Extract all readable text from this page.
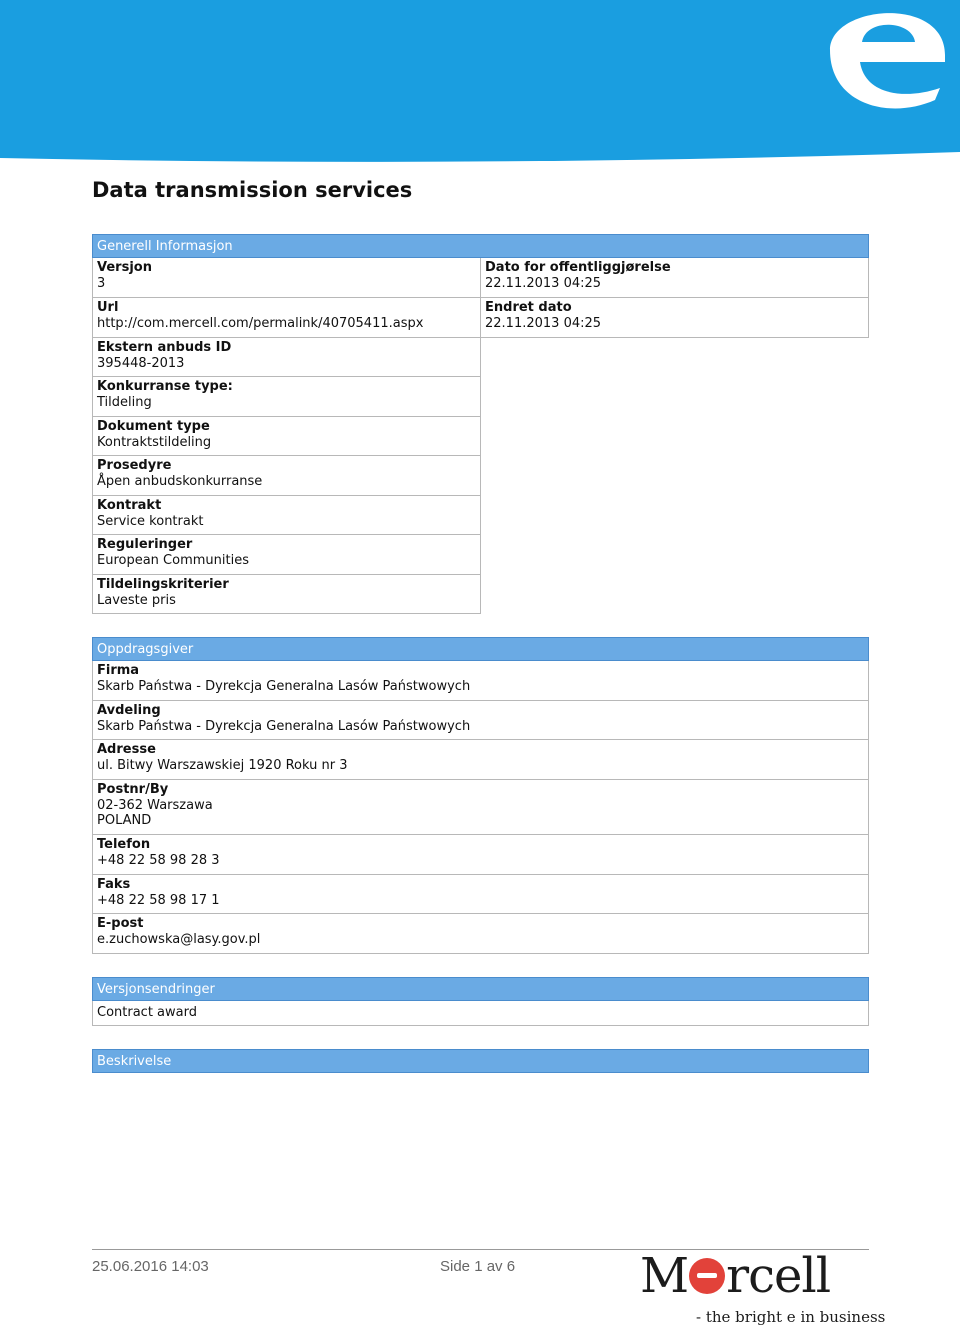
Data transmission services
Generell Informasjon
Versjon
3
Url
http://com.mercell.com/permalink/40705411.aspx
Ekstern anbuds ID
395448-2013
Konkurranse type:
Tildeling
Dokument type
Kontraktstildeling
Prosedyre
Åpen anbudskonkurranse
Kontrakt
Service kontrakt
Reguleringer
European Communities
Tildelingskriterier
Laveste pris
Dato for offentliggjørelse
22.11.2013 04:25
Endret dato
22.11.2013 04:25
Oppdragsgiver
Firma
Skarb Państwa - Dyrekcja Generalna Lasów Państwowych
Avdeling
Skarb Państwa - Dyrekcja Generalna Lasów Państwowych
Adresse
ul. Bitwy Warszawskiej 1920 Roku nr 3
Postnr/By
02-362 Warszawa
POLAND
Telefon
+48 22 58 98 28 3
Faks
+48 22 58 98 17 1
E-post
e.zuchowska@lasy.gov.pl
Versjonsendringer
Contract award
Beskrivelse
25.06.2016 14:03	Side 1 av 6	M rcell
- the bright e in business
